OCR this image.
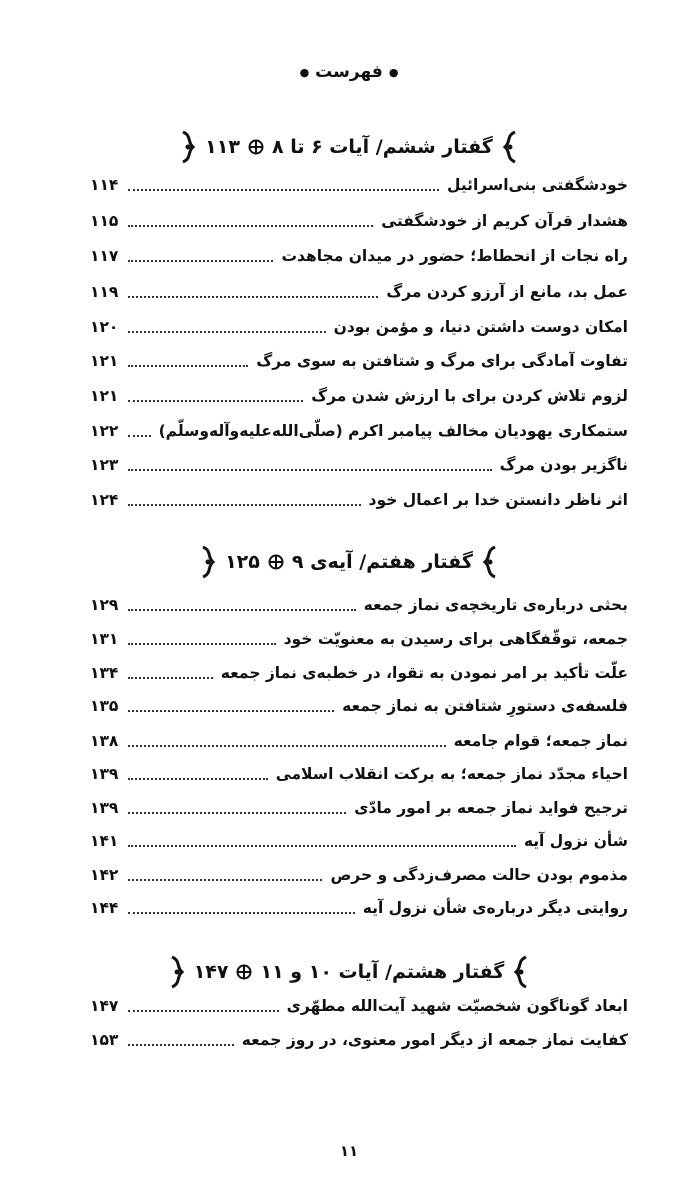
●فهرست●
گفتار ششم/ آیات ۶ تا ۸
۱۱۳
خودشگفتی بنی‌اسرائیل
۱۱۴
هشدار قرآن کریم از خودشگفتی
۱۱۵
راه نجات از انحطاط؛ حضور در میدان مجاهدت
۱۱۷
عمل بد، مانع از آرزو کردن مرگ
۱۱۹
امکان دوست داشتن دنیا، و مؤمن بودن
۱۲۰
تفاوت آمادگی برای مرگ و شتافتن به سوی مرگ
۱۲۱
لزوم تلاش کردن برای با ارزش شدن مرگ
۱۲۱
ستمکاری یهودیان مخالف پیامبر اکرم (صلّی‌الله‌علیه‌وآله‌وسلّم)
۱۲۲
ناگزیر بودن مرگ
۱۲۳
اثر ناظر دانستن خدا بر اعمال خود
۱۲۴
گفتار هفتم/ آیه‌ی ۹
۱۲۵
بحثی درباره‌ی تاریخچه‌ی نماز جمعه
۱۲۹
جمعه، توقّفگاهی برای رسیدن به معنویّت خود
۱۳۱
علّت تأکید بر امر نمودن به تقوا، در خطبه‌ی نماز جمعه
۱۳۴
فلسفه‌ی دستورِ شتافتن به نماز جمعه
۱۳۵
نماز جمعه؛ قوام جامعه
۱۳۸
احیاء مجدّد نماز جمعه؛ به برکت انقلاب اسلامی
۱۳۹
ترجیح فواید نماز جمعه بر امور مادّی
۱۳۹
شأن نزول آیه
۱۴۱
مذموم بودن حالت مصرف‌زدگی و حرص
۱۴۲
روایتی دیگر درباره‌ی شأن نزول آیه
۱۴۴
گفتار هشتم/ آیات ۱۰ و ۱۱
۱۴۷
ابعاد گوناگون شخصیّت شهید آیت‌الله مطهّری
۱۴۷
کفایت نماز جمعه از دیگر امور معنوی، در روز جمعه
۱۵۳
۱۱
